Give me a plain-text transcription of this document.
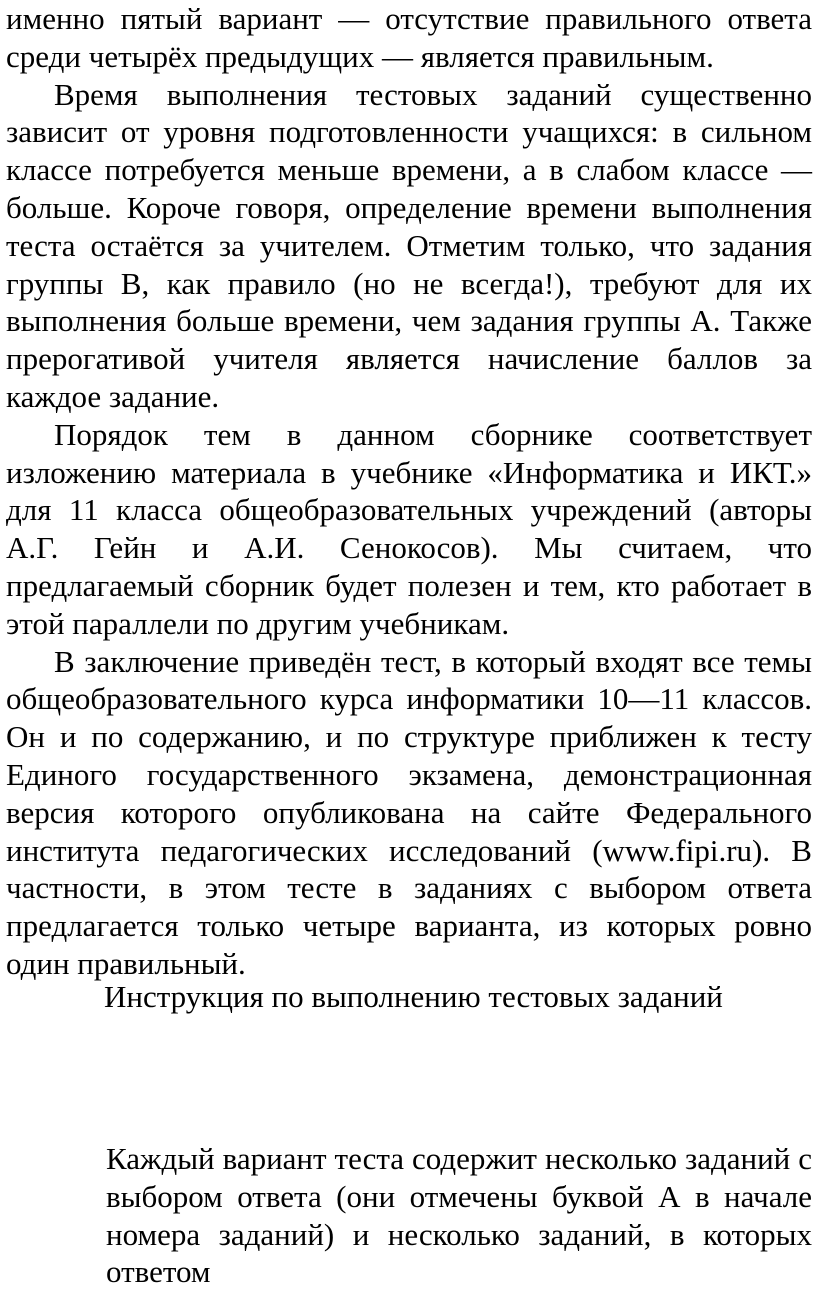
именно пятый вариант — отсутствие правильного ответа среди четырёх предыдущих — является правильным.

Время выполнения тестовых заданий существенно зависит от уровня подготовленности учащихся: в сильном классе потребуется меньше времени, а в слабом классе —больше. Короче говоря, определение времени выполнения теста остаётся за учителем. Отметим только, что задания группы В, как правило (но не всегда!), требуют для их выполнения больше времени, чем задания группы А. Также прерогативой учителя является начисление баллов за каждое задание.

Порядок тем в данном сборнике соответствует изложению материала в учебнике «Информатика и ИКТ.» для 11 класса общеобразовательных учреждений (авторы А.Г. Гейн и А.И. Сенокосов). Мы считаем, что предлагаемый сборник будет полезен и тем, кто работает в этой параллели по другим учебникам.

В заключение приведён тест, в который входят все темы общеобразовательного курса информатики 10—11 классов. Он и по содержанию, и по структуре приближен к тесту Единого государственного экзамена, демонстрационная версия которого опубликована на сайте Федерального института педагогических исследований (www.fipi.ru). В частности, в этом тесте в заданиях с выбором ответа предлагается только четыре варианта, из которых ровно один правильный.

Инструкция по выполнению тестовых заданий

Каждый вариант теста содержит несколько заданий с выбором ответа (они отмечены буквой А в начале номера заданий) и несколько заданий, в которых ответом
